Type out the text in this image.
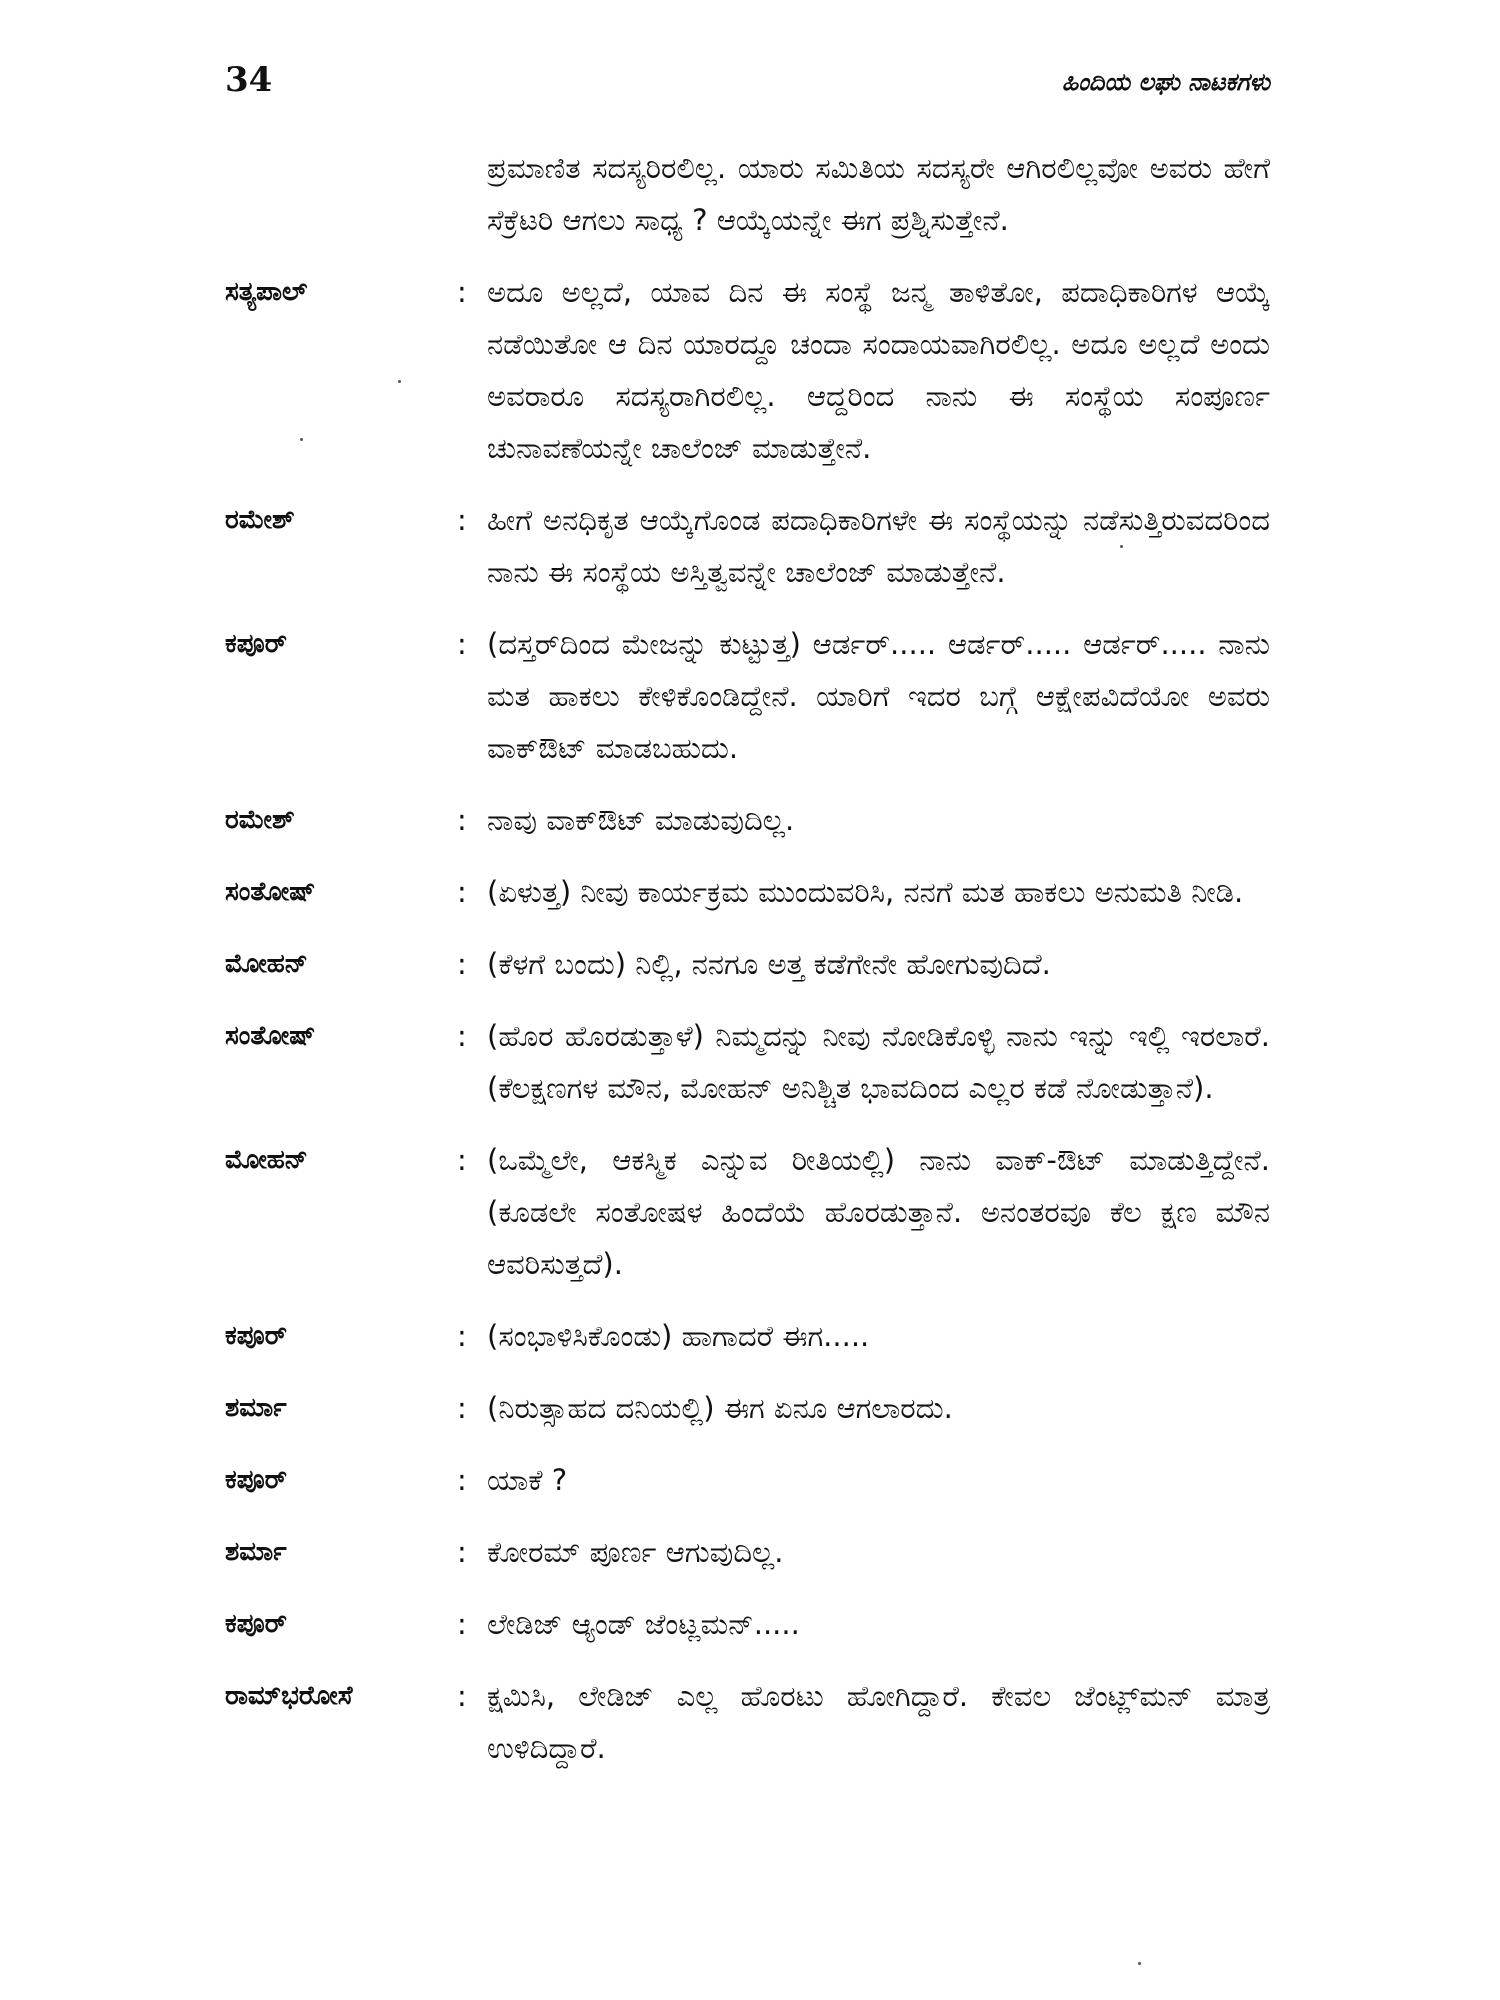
34	ಹಿಂದಿಯ ಲಘು ನಾಟಕಗಳು
ಪ್ರಮಾಣಿತ ಸದಸ್ಯರಿರಲಿಲ್ಲ. ಯಾರು ಸಮಿತಿಯ ಸದಸ್ಯರೇ ಆಗಿರಲಿಲ್ಲವೋ ಅವರು ಹೇಗೆ ಸೆಕ್ರೆಟರಿ ಆಗಲು ಸಾಧ್ಯ ? ಆಯ್ಕೆಯನ್ನೇ ಈಗ ಪ್ರಶ್ನಿಸುತ್ತೇನೆ.
ಸತ್ಯಪಾಲ್	: ಅದೂ ಅಲ್ಲದೆ, ಯಾವ ದಿನ ಈ ಸಂಸ್ಥೆ ಜನ್ಮ ತಾಳಿತೋ, ಪದಾಧಿಕಾರಿಗಳ ಆಯ್ಕೆ ನಡೆಯಿತೋ ಆ ದಿನ ಯಾರದ್ದೂ ಚಂದಾ ಸಂದಾಯವಾಗಿರಲಿಲ್ಲ. ಅದೂ ಅಲ್ಲದೆ ಅಂದು ಅವರಾರೂ ಸದಸ್ಯರಾಗಿರಲಿಲ್ಲ. ಆದ್ದರಿಂದ ನಾನು ಈ ಸಂಸ್ಥೆಯ ಸಂಪೂರ್ಣ ಚುನಾವಣೆಯನ್ನೇ ಚಾಲೆಂಜ್ ಮಾಡುತ್ತೇನೆ.
ರಮೇಶ್	: ಹೀಗೆ ಅನಧಿಕೃತ ಆಯ್ಕೆಗೊಂಡ ಪದಾಧಿಕಾರಿಗಳೇ ಈ ಸಂಸ್ಥೆಯನ್ನು ನಡೆಸುತ್ತಿರುವದರಿಂದ ನಾನು ಈ ಸಂಸ್ಥೆಯ ಅಸ್ತಿತ್ವವನ್ನೇ ಚಾಲೆಂಜ್ ಮಾಡುತ್ತೇನೆ.
ಕಪೂರ್	: (ದಸ್ತರ್‌ದಿಂದ ಮೇಜನ್ನು ಕುಟ್ಟುತ್ತ) ಆರ್ಡರ್..... ಆರ್ಡರ್..... ಆರ್ಡರ್..... ನಾನು ಮತ ಹಾಕಲು ಕೇಳಿಕೊಂಡಿದ್ದೇನೆ. ಯಾರಿಗೆ ಇದರ ಬಗ್ಗೆ ಆಕ್ಷೇಪವಿದೆಯೋ ಅವರು ವಾಕ್‌ಔಟ್ ಮಾಡಬಹುದು.
ರಮೇಶ್	: ನಾವು ವಾಕ್‌ಔಟ್ ಮಾಡುವುದಿಲ್ಲ.
ಸಂತೋಷ್	: (ಏಳುತ್ತ) ನೀವು ಕಾರ್ಯಕ್ರಮ ಮುಂದುವರಿಸಿ, ನನಗೆ ಮತ ಹಾಕಲು ಅನುಮತಿ ನೀಡಿ.
ಮೋಹನ್	: (ಕೆಳಗೆ ಬಂದು) ನಿಲ್ಲಿ, ನನಗೂ ಅತ್ತ ಕಡೆಗೇನೇ ಹೋಗುವುದಿದೆ.
ಸಂತೋಷ್	: (ಹೊರ ಹೊರಡುತ್ತಾಳೆ) ನಿಮ್ಮದನ್ನು ನೀವು ನೋಡಿಕೊಳ್ಳಿ ನಾನು ಇನ್ನು ಇಲ್ಲಿ ಇರಲಾರೆ. (ಕೆಲಕ್ಷಣಗಳ ಮೌನ, ಮೋಹನ್ ಅನಿಶ್ಚಿತ ಭಾವದಿಂದ ಎಲ್ಲರ ಕಡೆ ನೋಡುತ್ತಾನೆ).
ಮೋಹನ್	: (ಒಮ್ಮೆಲೇ, ಆಕಸ್ಮಿಕ ಎನ್ನುವ ರೀತಿಯಲ್ಲಿ) ನಾನು ವಾಕ್-ಔಟ್ ಮಾಡುತ್ತಿದ್ದೇನೆ. (ಕೂಡಲೇ ಸಂತೋಷಳ ಹಿಂದೆಯೆ ಹೊರಡುತ್ತಾನೆ. ಅನಂತರವೂ ಕೆಲ ಕ್ಷಣ ಮೌನ ಆವರಿಸುತ್ತದೆ).
ಕಪೂರ್	: (ಸಂಭಾಳಿಸಿಕೊಂಡು) ಹಾಗಾದರೆ ಈಗ.....
ಶರ್ಮಾ	: (ನಿರುತ್ಸಾಹದ ದನಿಯಲ್ಲಿ) ಈಗ ಏನೂ ಆಗಲಾರದು.
ಕಪೂರ್	: ಯಾಕೆ ?
ಶರ್ಮಾ	: ಕೋರಮ್ ಪೂರ್ಣ ಆಗುವುದಿಲ್ಲ.
ಕಪೂರ್	: ಲೇಡಿಜ್ ಆ್ಯಂಡ್ ಜೆಂಟ್ಲಮನ್.....
ರಾಮ್‌ಭರೋಸೆ	: ಕ್ಷಮಿಸಿ, ಲೇಡಿಜ್ ಎಲ್ಲ ಹೊರಟು ಹೋಗಿದ್ದಾರೆ. ಕೇವಲ ಜೆಂಟ್ಲ್‌ಮನ್ ಮಾತ್ರ ಉಳಿದಿದ್ದಾರೆ.
